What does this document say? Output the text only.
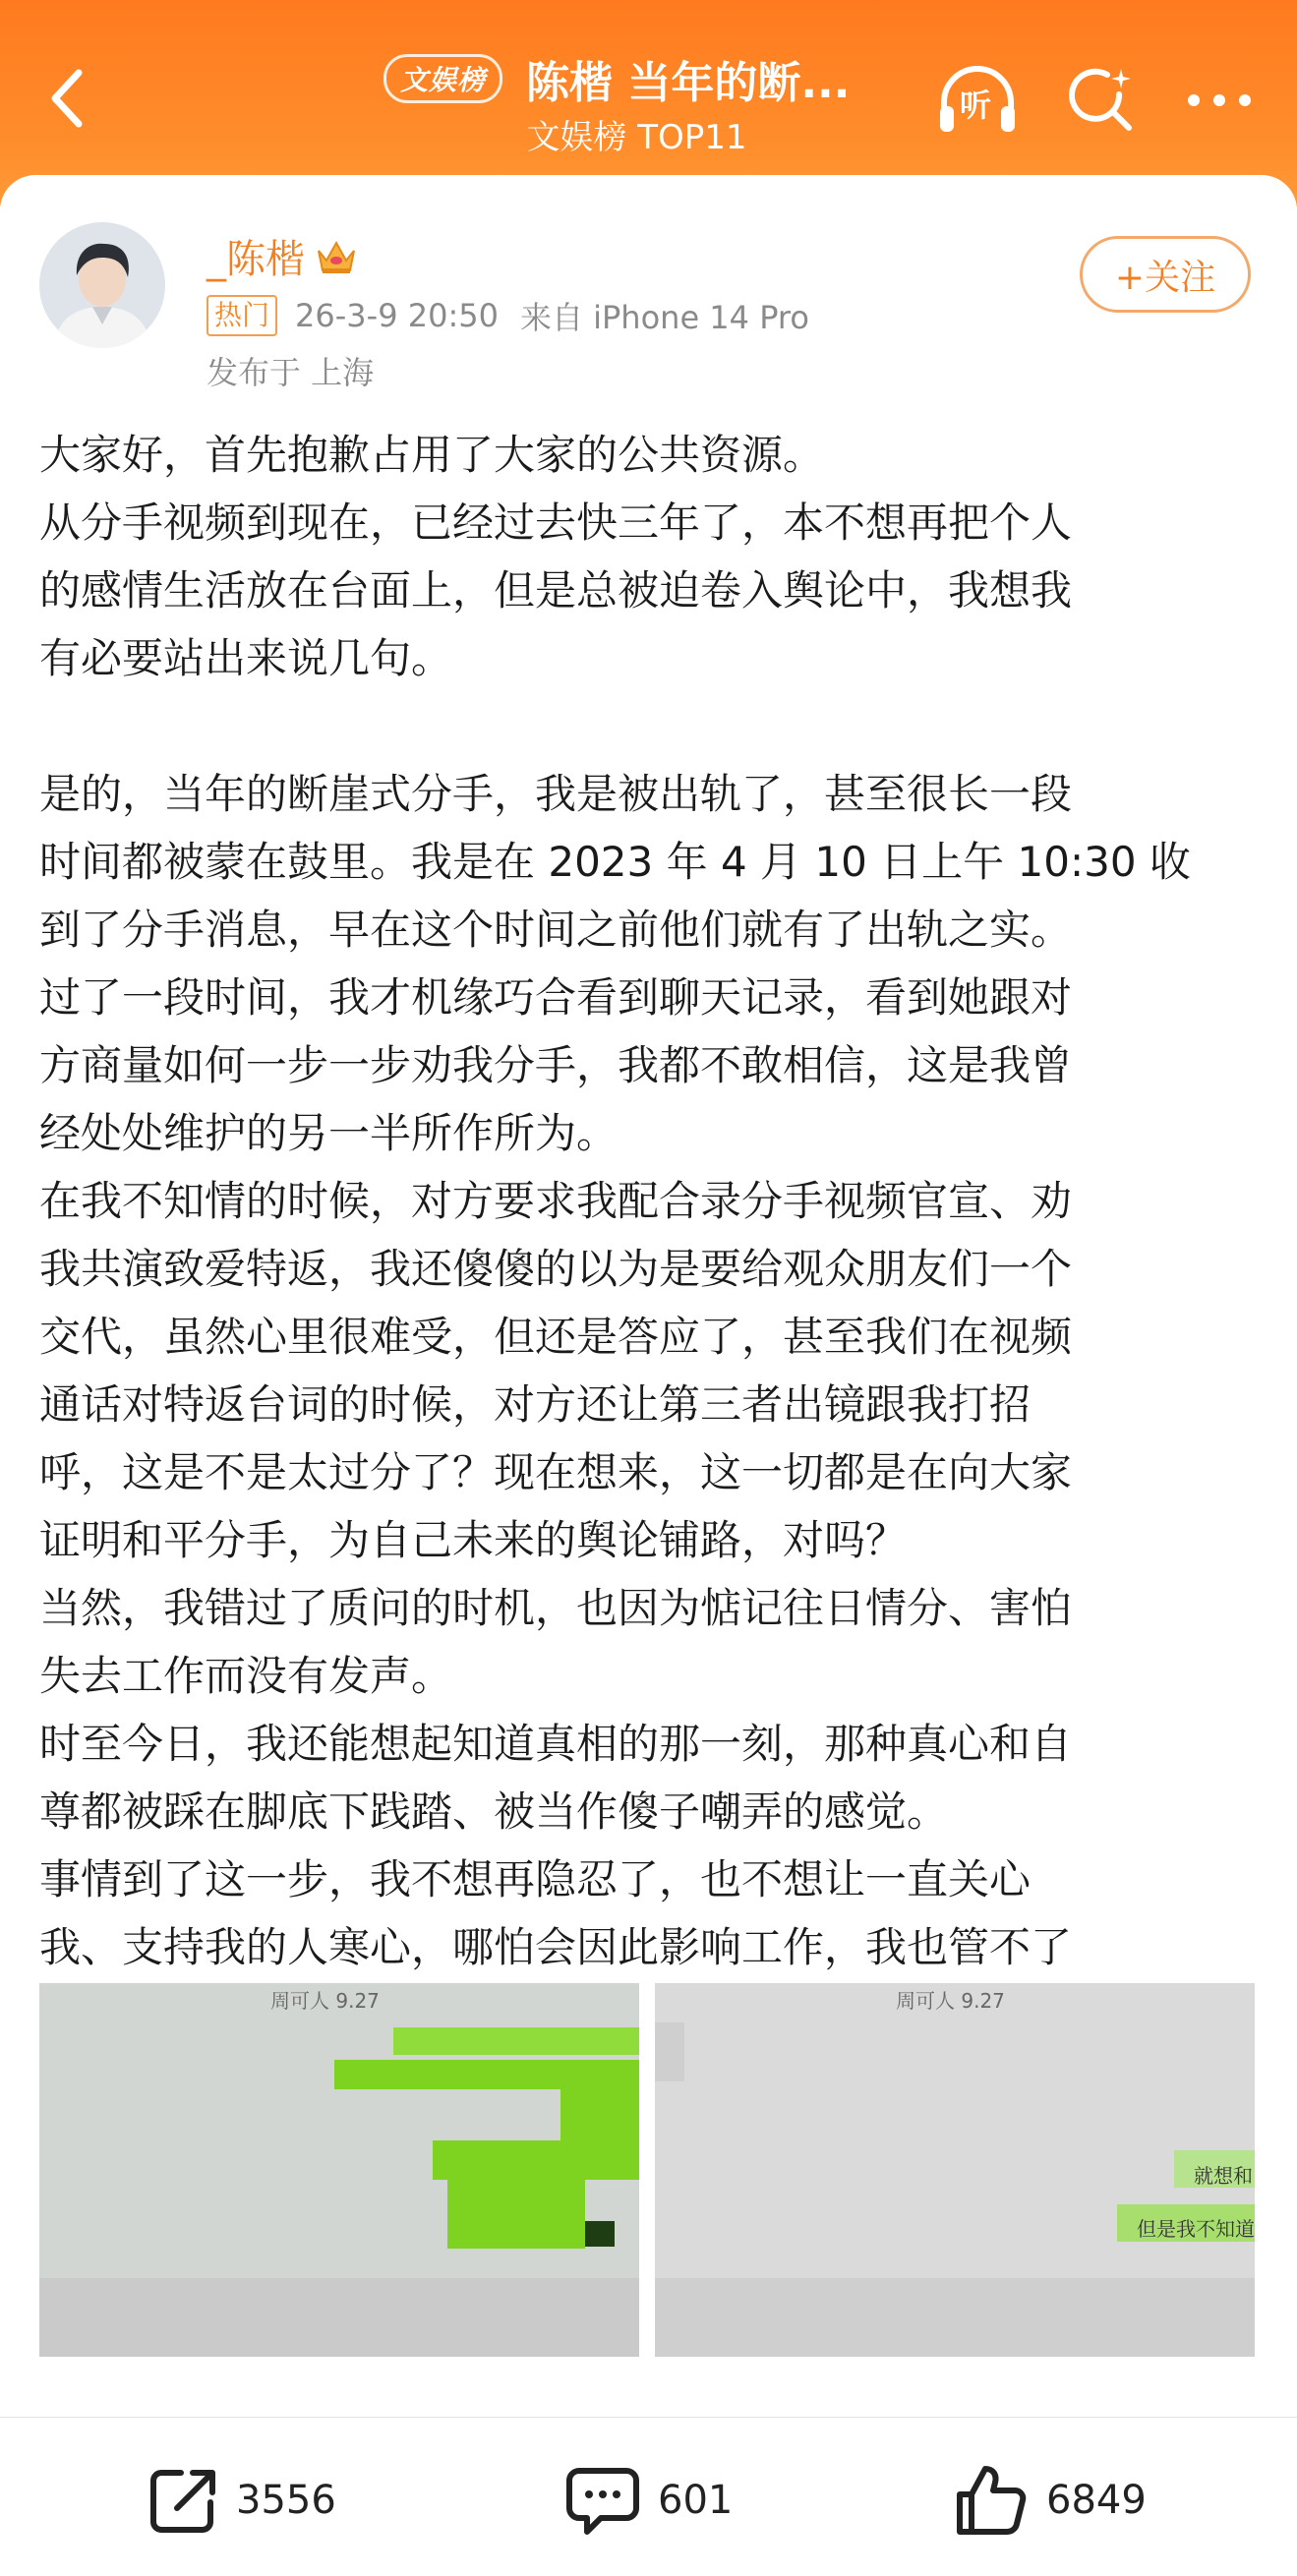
文娱榜 陈楷 当年的断...
文娱榜 TOP11
听
_陈楷
热门 26-3-9 20:50 来自 iPhone 14 Pro
发布于 上海
+关注

大家好，首先抱歉占用了大家的公共资源。

从分手视频到现在，已经过去快三年了，本不想再把个人

的感情生活放在台面上，但是总被迫卷入舆论中，我想我

有必要站出来说几句。

是的，当年的断崖式分手，我是被出轨了，甚至很长一段

时间都被蒙在鼓里。我是在 2023 年 4 月 10 日上午 10:30 收

到了分手消息，早在这个时间之前他们就有了出轨之实。

过了一段时间，我才机缘巧合看到聊天记录，看到她跟对

方商量如何一步一步劝我分手，我都不敢相信，这是我曾

经处处维护的另一半所作所为。

在我不知情的时候，对方要求我配合录分手视频官宣、劝

我共演致爱特返，我还傻傻的以为是要给观众朋友们一个

交代，虽然心里很难受，但还是答应了，甚至我们在视频

通话对特返台词的时候，对方还让第三者出镜跟我打招

呼，这是不是太过分了？现在想来，这一切都是在向大家

证明和平分手，为自己未来的舆论铺路，对吗？

当然，我错过了质问的时机，也因为惦记往日情分、害怕

失去工作而没有发声。

时至今日，我还能想起知道真相的那一刻，那种真心和自

尊都被踩在脚底下践踏、被当作傻子嘲弄的感觉。

事情到了这一步，我不想再隐忍了，也不想让一直关心

我、支持我的人寒心，哪怕会因此影响工作，我也管不了

周可人 9.27	周可人 9.27
就想和
但是我不知道
3556	601	6849
